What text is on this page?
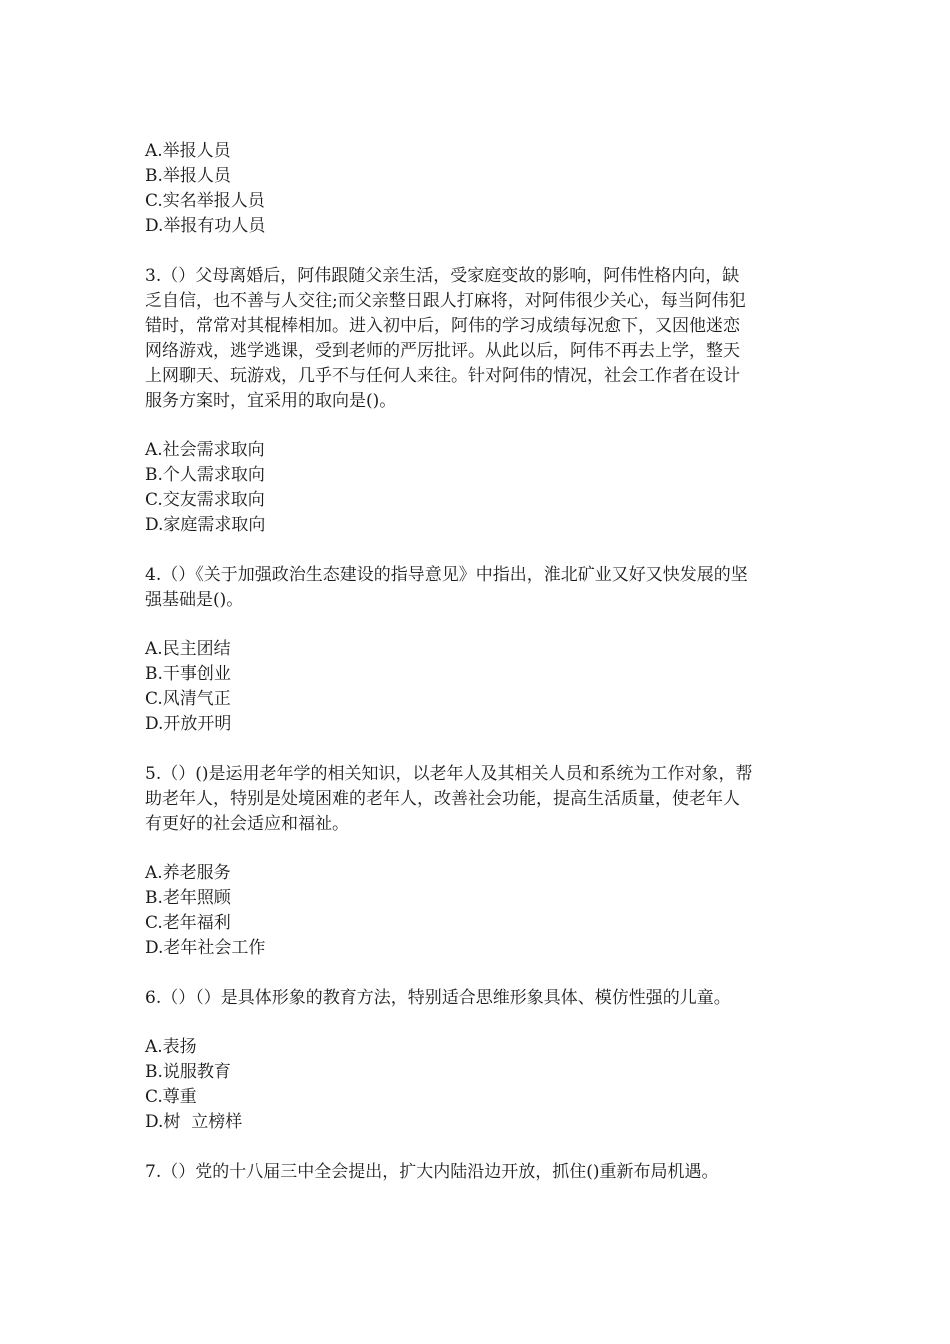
A.举报人员
B.举报人员
C.实名举报人员
D.举报有功人员
3.（）父母离婚后，阿伟跟随父亲生活，受家庭变故的影响，阿伟性格内向，缺
乏自信，也不善与人交往;而父亲整日跟人打麻将，对阿伟很少关心，每当阿伟犯
错时，常常对其棍棒相加。进入初中后，阿伟的学习成绩每况愈下，又因他迷恋
网络游戏，逃学逃课，受到老师的严厉批评。从此以后，阿伟不再去上学，整天
上网聊天、玩游戏，几乎不与任何人来往。针对阿伟的情况，社会工作者在设计
服务方案时，宜采用的取向是()。
A.社会需求取向
B.个人需求取向
C.交友需求取向
D.家庭需求取向
4.（）《关于加强政治生态建设的指导意见》中指出，淮北矿业又好又快发展的坚
强基础是()。
A.民主团结
B.干事创业
C.风清气正
D.开放开明
5.（）()是运用老年学的相关知识，以老年人及其相关人员和系统为工作对象，帮
助老年人，特别是处境困难的老年人，改善社会功能，提高生活质量，使老年人
有更好的社会适应和福祉。
A.养老服务
B.老年照顾
C.老年福利
D.老年社会工作
6.（）（）是具体形象的教育方法，特别适合思维形象具体、模仿性强的儿童。
A.表扬
B.说服教育
C.尊重
D.树  立榜样
7.（）党的十八届三中全会提出，扩大内陆沿边开放，抓住()重新布局机遇。
